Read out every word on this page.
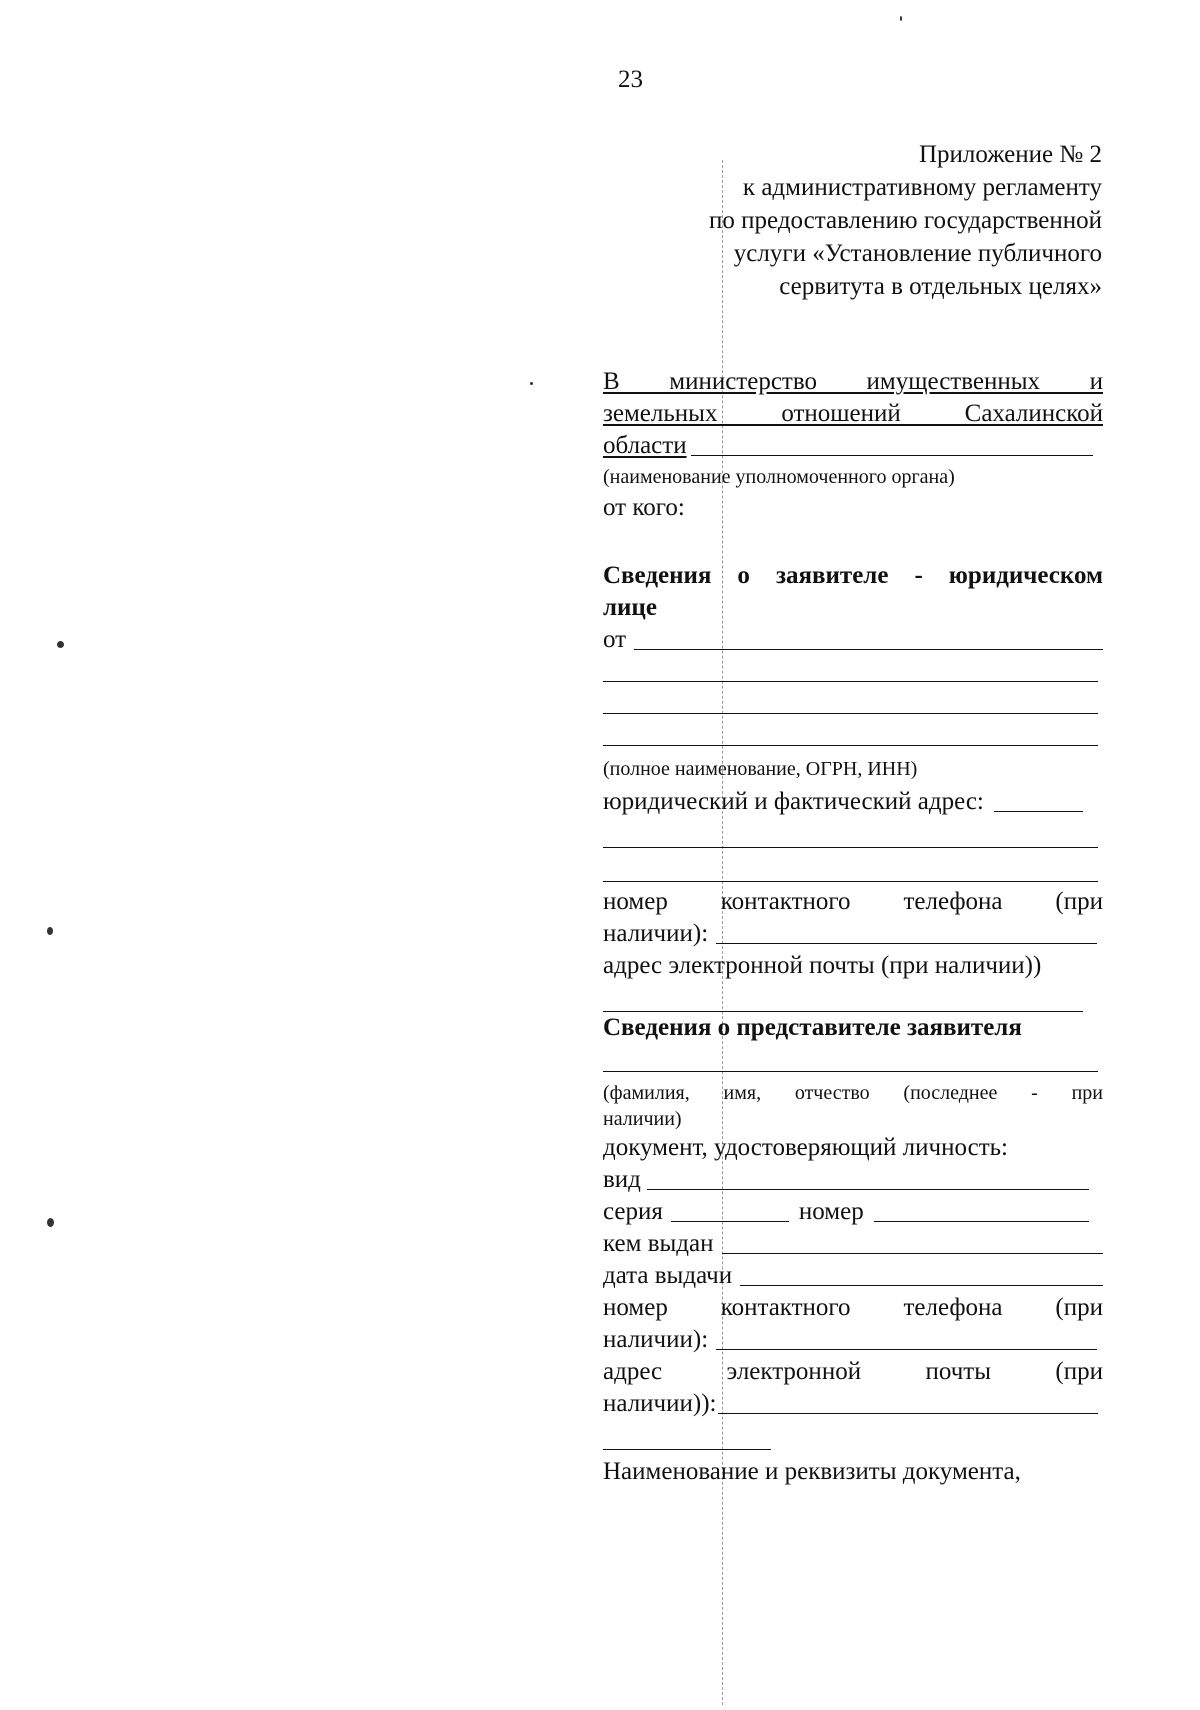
23
Приложение № 2
к административному регламенту
по предоставлению государственной
услуги «Установление публичного
сервитута в отдельных целях»
В министерство имущественных и
земельных отношений Сахалинской
области
(наименование уполномоченного органа)
от кого:
Сведения о заявителе - юридическом
лице
от
(полное наименование, ОГРН, ИНН)
юридический и фактический адрес:
номер контактного телефона (при
наличии):
адрес электронной почты (при наличии))
Сведения о представителе заявителя
(фамилия, имя, отчество (последнее - при
наличии)
документ, удостоверяющий личность:
вид
серия	номер
кем выдан
дата выдачи
номер контактного телефона (при
наличии):
адрес электронной почты (при
наличии)):
Наименование и реквизиты документа,
